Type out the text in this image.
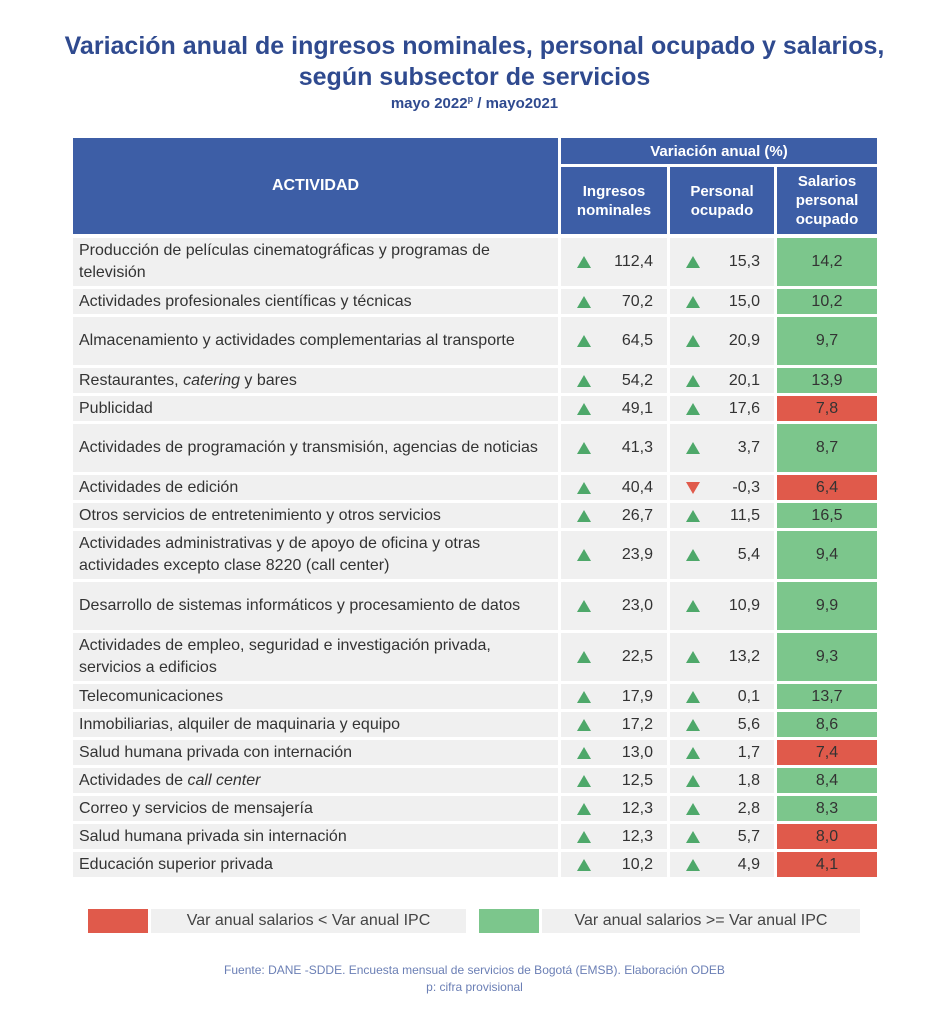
Variación anual de ingresos nominales, personal ocupado y salarios,
según subsector de servicios
mayo 2022$^p$ / mayo2021
ACTIVIDAD
Variación anual (%)
Ingresos nominales
Personal ocupado
Salarios personal ocupado
Producción de películas cinematográficas y programas de televisión
112,4	15,3	14,2
Actividades profesionales científicas y técnicas	70,2	15,0	10,2
Almacenamiento y actividades complementarias al transporte	64,5	20,9	9,7
Restaurantes, catering y bares	54,2	20,1	13,9
Publicidad	49,1	17,6	7,8
Actividades de programación y transmisión, agencias de noticias	41,3	3,7	8,7
Actividades de edición	40,4	-0,3	6,4
Otros servicios de entretenimiento y otros servicios	26,7	11,5	16,5
Actividades administrativas y de apoyo de oficina y otras actividades excepto clase 8220 (call center)
23,9	5,4	9,4
Desarrollo de sistemas informáticos y procesamiento de datos	23,0	10,9	9,9
Actividades de empleo, seguridad e investigación privada, servicios a edificios
22,5	13,2	9,3
Telecomunicaciones	17,9	0,1	13,7
Inmobiliarias, alquiler de maquinaria y equipo	17,2	5,6	8,6
Salud humana privada con internación	13,0	1,7	7,4
Actividades de call center	12,5	1,8	8,4
Correo y servicios de mensajería	12,3	2,8	8,3
Salud humana privada sin internación	12,3	5,7	8,0
Educación superior privada	10,2	4,9	4,1
Var anual salarios < Var anual IPC	Var anual salarios >= Var anual IPC
Fuente: DANE -SDDE. Encuesta mensual de servicios de Bogotá (EMSB). Elaboración ODEB
p: cifra provisional
